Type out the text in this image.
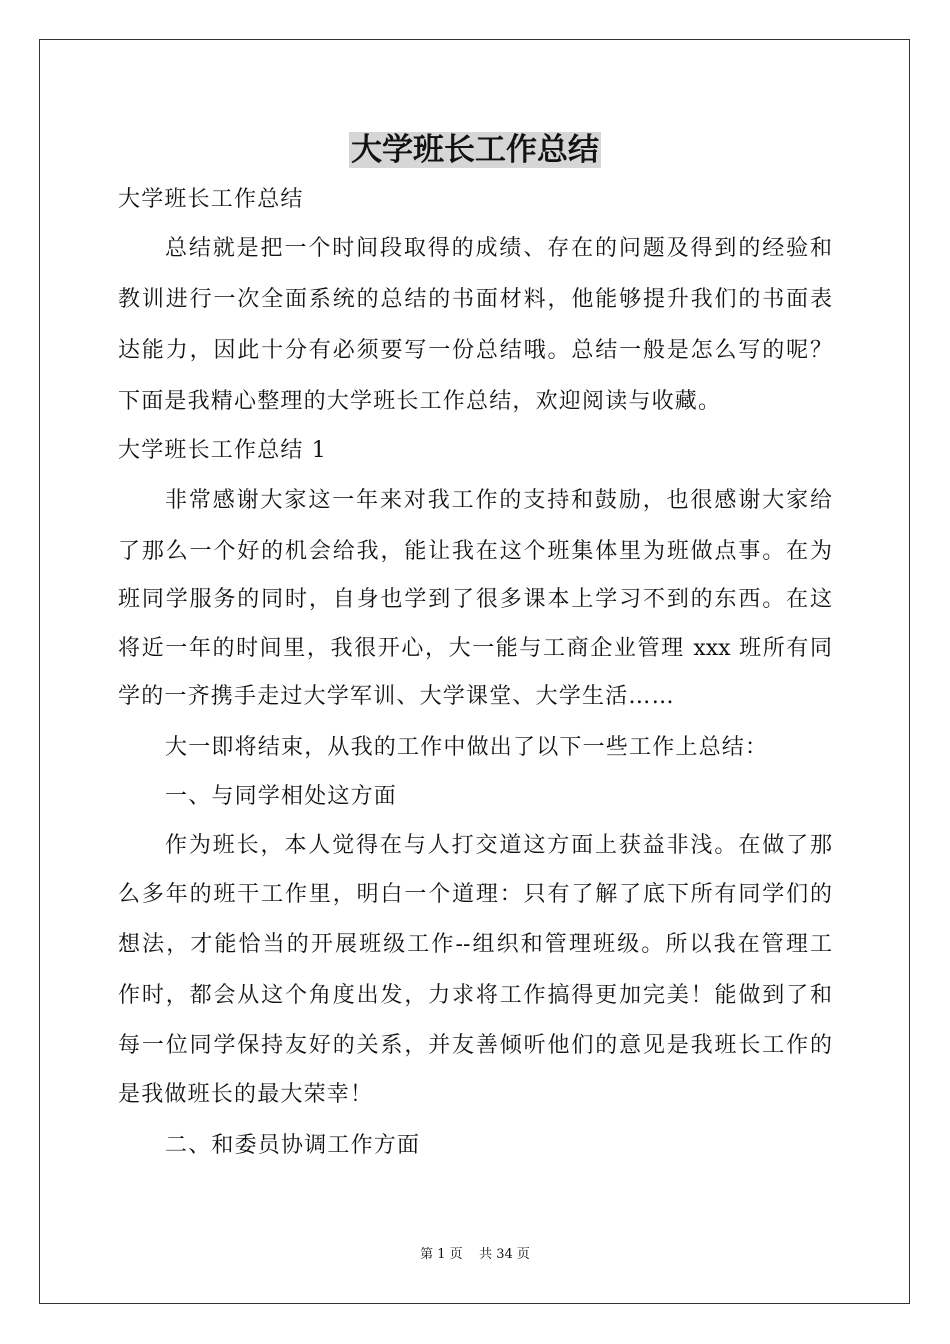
大学班长工作总结
大学班长工作总结
总结就是把一个时间段取得的成绩、存在的问题及得到的经验和
教训进行一次全面系统的总结的书面材料，他能够提升我们的书面表
达能力，因此十分有必须要写一份总结哦。总结一般是怎么写的呢？
下面是我精心整理的大学班长工作总结，欢迎阅读与收藏。
大学班长工作总结 1
非常感谢大家这一年来对我工作的支持和鼓励，也很感谢大家给
了那么一个好的机会给我，能让我在这个班集体里为班做点事。在为
班同学服务的同时，自身也学到了很多课本上学习不到的东西。在这
将近一年的时间里，我很开心，大一能与工商企业管理 xxx 班所有同
学的一齐携手走过大学军训、大学课堂、大学生活……
大一即将结束，从我的工作中做出了以下一些工作上总结：
一、与同学相处这方面
作为班长，本人觉得在与人打交道这方面上获益非浅。在做了那
么多年的班干工作里，明白一个道理：只有了解了底下所有同学们的
想法，才能恰当的开展班级工作--组织和管理班级。所以我在管理工
作时，都会从这个角度出发，力求将工作搞得更加完美！能做到了和
每一位同学保持友好的关系，并友善倾听他们的意见是我班长工作的
是我做班长的最大荣幸！
二、和委员协调工作方面
第 1 页    共 34 页
